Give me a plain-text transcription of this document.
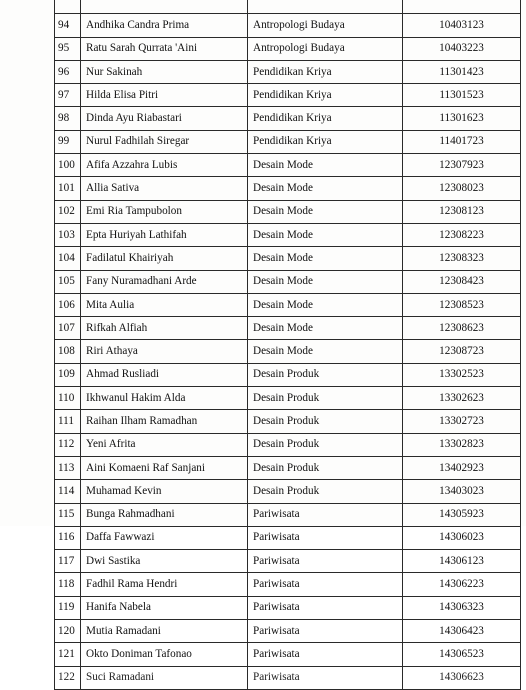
94	Andhika Candra Prima	Antropologi Budaya	10403123
95	Ratu Sarah Qurrata 'Aini	Antropologi Budaya	10403223
96	Nur Sakinah	Pendidikan Kriya	11301423
97	Hilda Elisa Pitri	Pendidikan Kriya	11301523
98	Dinda Ayu Riabastari	Pendidikan Kriya	11301623
99	Nurul Fadhilah Siregar	Pendidikan Kriya	11401723
100	Afifa Azzahra Lubis	Desain Mode	12307923
101	Allia Sativa	Desain Mode	12308023
102	Emi Ria Tampubolon	Desain Mode	12308123
103	Epta Huriyah Lathifah	Desain Mode	12308223
104	Fadilatul Khairiyah	Desain Mode	12308323
105	Fany Nuramadhani Arde	Desain Mode	12308423
106	Mita Aulia	Desain Mode	12308523
107	Rifkah Alfiah	Desain Mode	12308623
108	Riri Athaya	Desain Mode	12308723
109	Ahmad Rusliadi	Desain Produk	13302523
110	Ikhwanul Hakim Alda	Desain Produk	13302623
111	Raihan Ilham Ramadhan	Desain Produk	13302723
112	Yeni Afrita	Desain Produk	13302823
113	Aini Komaeni Raf Sanjani	Desain Produk	13402923
114	Muhamad Kevin	Desain Produk	13403023
115	Bunga Rahmadhani	Pariwisata	14305923
116	Daffa Fawwazi	Pariwisata	14306023
117	Dwi Sastika	Pariwisata	14306123
118	Fadhil Rama Hendri	Pariwisata	14306223
119	Hanifa Nabela	Pariwisata	14306323
120	Mutia Ramadani	Pariwisata	14306423
121	Okto Doniman Tafonao	Pariwisata	14306523
122	Suci Ramadani	Pariwisata	14306623
